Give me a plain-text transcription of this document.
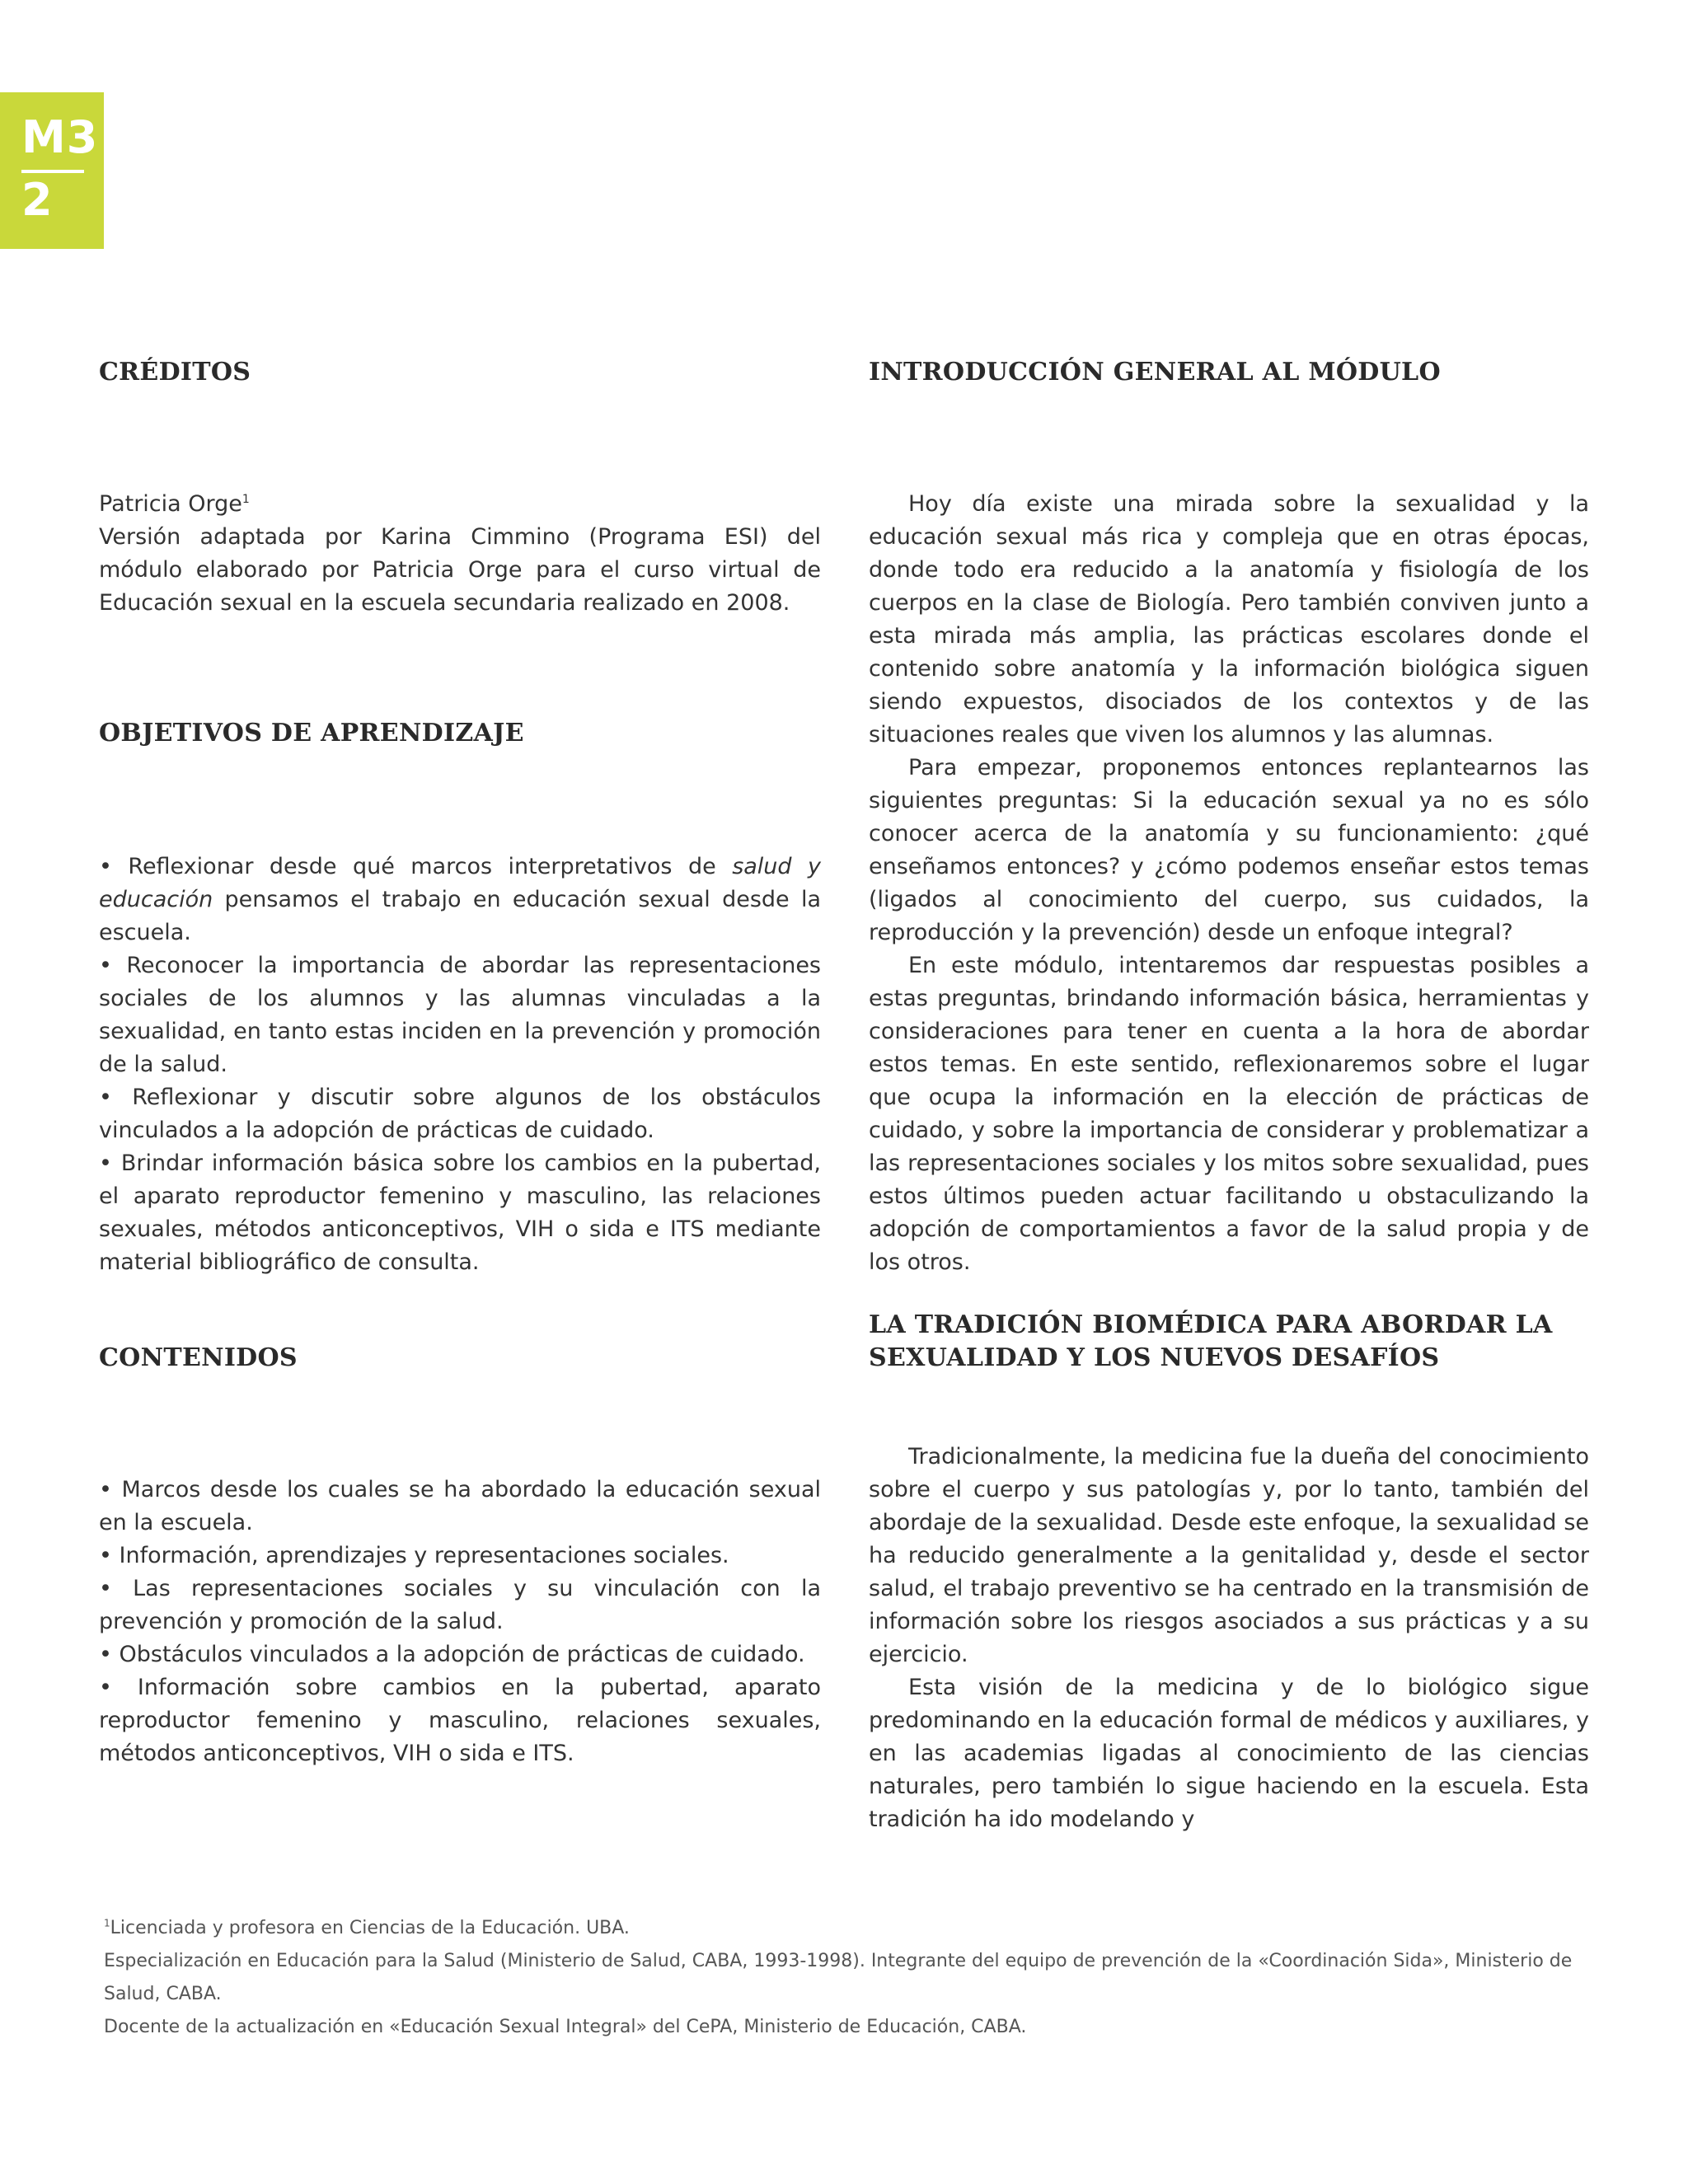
M3
2
CRÉDITOS

Patricia Orge$^1$

Versión adaptada por Karina Cimmino (Programa ESI) del módulo elaborado por Patricia Orge para el curso virtual de Educación sexual en la escuela secundaria realizado en 2008.

OBJETIVOS DE APRENDIZAJE

• Reflexionar desde qué marcos interpretativos de salud y educación pensamos el trabajo en educación sexual desde la escuela.

• Reconocer la importancia de abordar las representaciones sociales de los alumnos y las alumnas vinculadas a la sexualidad, en tanto estas inciden en la prevención y promoción de la salud.

• Reflexionar y discutir sobre algunos de los obstáculos vinculados a la adopción de prácticas de cuidado.

• Brindar información básica sobre los cambios en la pubertad, el aparato reproductor femenino y masculino, las relaciones sexuales, métodos anticonceptivos, VIH o sida e ITS mediante material bibliográfico de consulta.

CONTENIDOS

• Marcos desde los cuales se ha abordado la educación sexual en la escuela.

• Información, aprendizajes y representaciones sociales.

• Las representaciones sociales y su vinculación con la prevención y promoción de la salud.

• Obstáculos vinculados a la adopción de prácticas de cuidado.

• Información sobre cambios en la pubertad, aparato reproductor femenino y masculino, relaciones sexuales, métodos anticonceptivos, VIH o sida e ITS.

INTRODUCCIÓN GENERAL AL MÓDULO

Hoy día existe una mirada sobre la sexualidad y la educación sexual más rica y compleja que en otras épocas, donde todo era reducido a la anatomía y fisiología de los cuerpos en la clase de Biología. Pero también conviven junto a esta mirada más amplia, las prácticas escolares donde el contenido sobre anatomía y la información biológica siguen siendo expuestos, disociados de los contextos y de las situaciones reales que viven los alumnos y las alumnas.

Para empezar, proponemos entonces replantearnos las siguientes preguntas: Si la educación sexual ya no es sólo conocer acerca de la anatomía y su funcionamiento: ¿qué enseñamos entonces? y ¿cómo podemos enseñar estos temas (ligados al conocimiento del cuerpo, sus cuidados, la reproducción y la prevención) desde un enfoque integral?

En este módulo, intentaremos dar respuestas posibles a estas preguntas, brindando información básica, herramientas y consideraciones para tener en cuenta a la hora de abordar estos temas. En este sentido, reflexionaremos sobre el lugar que ocupa la información en la elección de prácticas de cuidado, y sobre la importancia de considerar y problematizar a las representaciones sociales y los mitos sobre sexualidad, pues estos últimos pueden actuar facilitando u obstaculizando la adopción de comportamientos a favor de la salud propia y de los otros.

LA TRADICIÓN BIOMÉDICA PARA ABORDAR LA SEXUALIDAD Y LOS NUEVOS DESAFÍOS

Tradicionalmente, la medicina fue la dueña del conocimiento sobre el cuerpo y sus patologías y, por lo tanto, también del abordaje de la sexualidad. Desde este enfoque, la sexualidad se ha reducido generalmente a la genitalidad y, desde el sector salud, el trabajo preventivo se ha centrado en la transmisión de información sobre los riesgos asociados a sus prácticas y a su ejercicio.

Esta visión de la medicina y de lo biológico sigue predominando en la educación formal de médicos y auxiliares, y en las academias ligadas al conocimiento de las ciencias naturales, pero también lo sigue haciendo en la escuela. Esta tradición ha ido modelando y

$^1$Licenciada y profesora en Ciencias de la Educación. UBA.
Especialización en Educación para la Salud (Ministerio de Salud, CABA, 1993-1998). Integrante del equipo de prevención de la «Coordinación Sida», Ministerio de Salud, CABA.
Docente de la actualización en «Educación Sexual Integral» del CePA, Ministerio de Educación, CABA.
